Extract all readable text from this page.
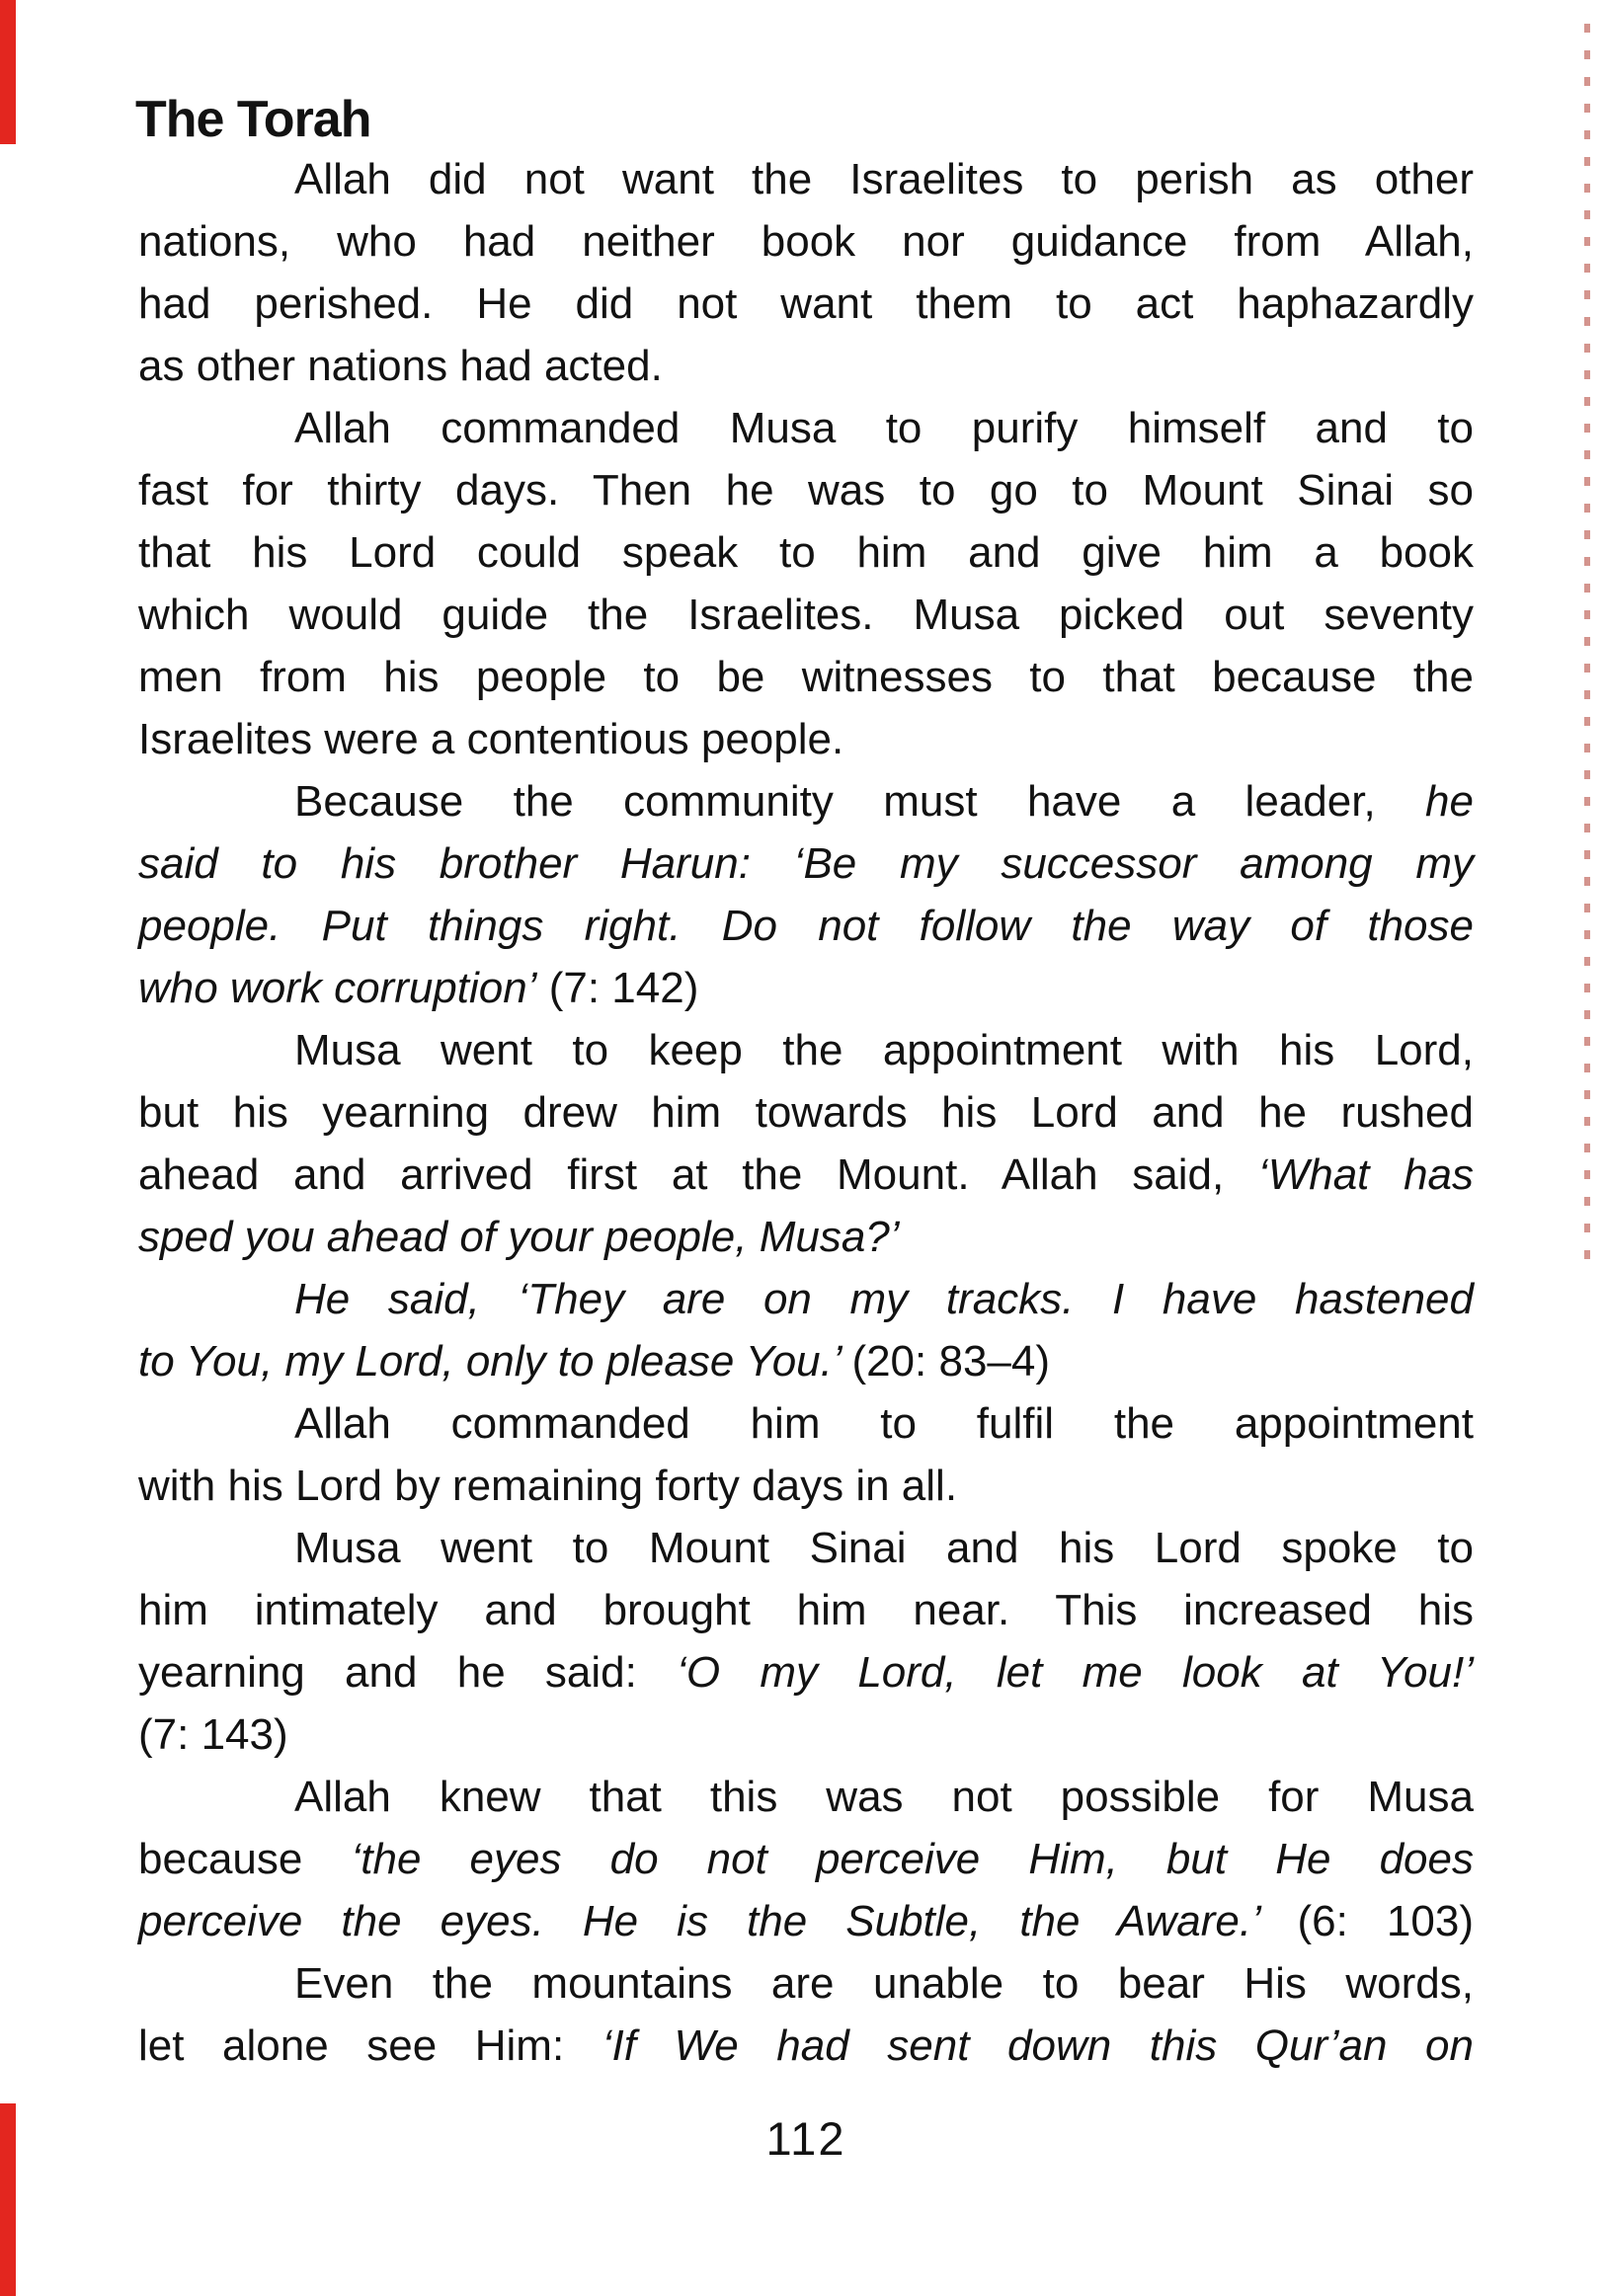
The Torah
Allah did not want the Israelites to perish as other
nations, who had neither book nor guidance from Allah,
had perished. He did not want them to act haphazardly
as other nations had acted.
Allah commanded Musa to purify himself and to
fast for thirty days. Then he was to go to Mount Sinai so
that his Lord could speak to him and give him a book
which would guide the Israelites. Musa picked out seventy
men from his people to be witnesses to that because the
Israelites were a contentious people.
Because the community must have a leader, he
said to his brother Harun: ‘Be my successor among my
people. Put things right. Do not follow the way of those
who work corruption’ (7: 142)
Musa went to keep the appointment with his Lord,
but his yearning drew him towards his Lord and he rushed
ahead and arrived first at the Mount. Allah said, ‘What has
sped you ahead of your people, Musa?’
He said, ‘They are on my tracks. I have hastened
to You, my Lord, only to please You.’ (20: 83–4)
Allah commanded him to fulfil the appointment
with his Lord by remaining forty days in all.
Musa went to Mount Sinai and his Lord spoke to
him intimately and brought him near. This increased his
yearning and he said: ‘O my Lord, let me look at You!’
(7: 143)
Allah knew that this was not possible for Musa
because ‘the eyes do not perceive Him, but He does
perceive the eyes. He is the Subtle, the Aware.’ (6: 103)
Even the mountains are unable to bear His words,
let alone see Him: ‘If We had sent down this Qur’an on
112
